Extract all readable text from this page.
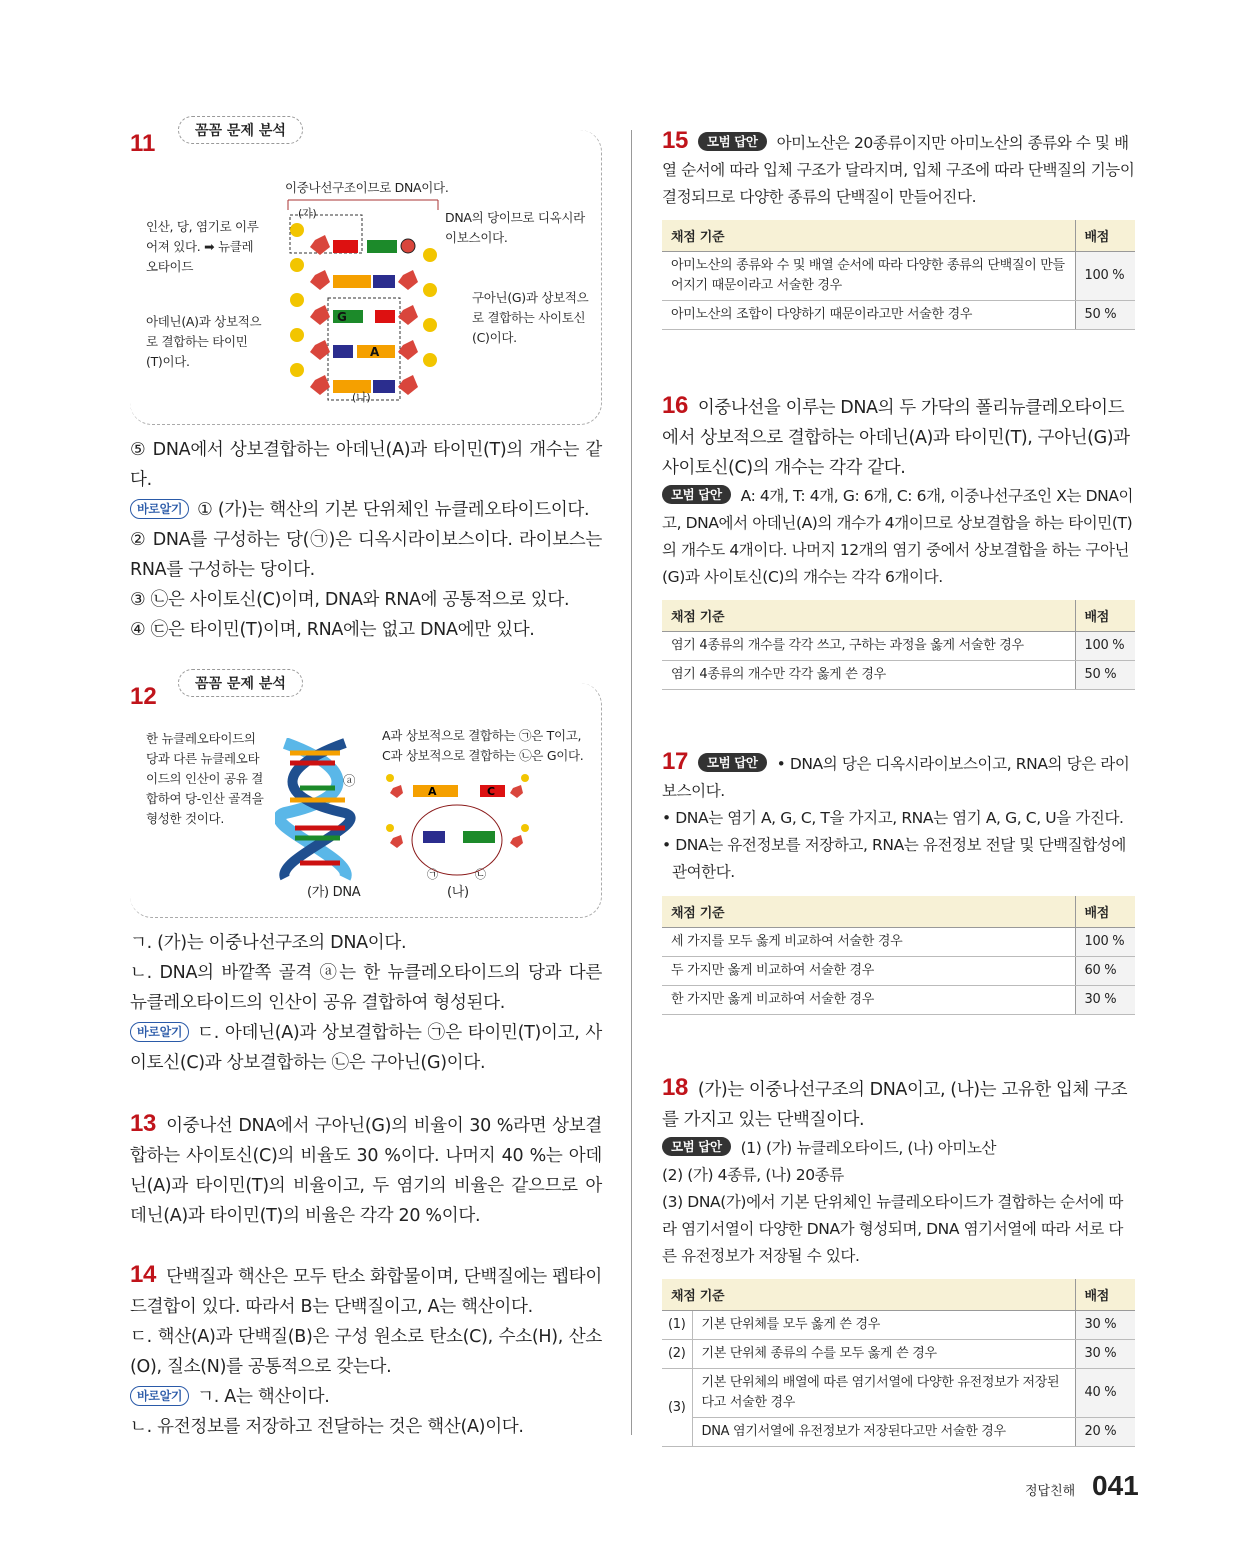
11	꼼꼼 문제 분석
이중나선구조이므로 DNA이다.
인산, 당, 염기로 이루어져 있다. ➡ 뉴클레오타이드
아데닌(A)과 상보적으로 결합하는 타이민(T)이다.
DNA의 당이므로 디옥시라이보스이다.
구아닌(G)과 상보적으로 결합하는 사이토신(C)이다.
G
A
(가)
(나)
⑤ DNA에서 상보결합하는 아데닌(A)과 타이민(T)의 개수는 같다.
바로알기 ① (가)는 핵산의 기본 단위체인 뉴클레오타이드이다.
② DNA를 구성하는 당(㉠)은 디옥시라이보스이다. 라이보스는 RNA를 구성하는 당이다.
③ ㉡은 사이토신(C)이며, DNA와 RNA에 공통적으로 있다.
④ ㉢은 타이민(T)이며, RNA에는 없고 DNA에만 있다.
12	꼼꼼 문제 분석
한 뉴클레오타이드의 당과 다른 뉴클레오타이드의 인산이 공유 결합하여 당-인산 골격을 형성한 것이다.
A과 상보적으로 결합하는 ㉠은 T이고, C과 상보적으로 결합하는 ㉡은 G이다.
ⓐ
(가) DNA
A	C
㉠	㉡
(나)
ㄱ. (가)는 이중나선구조의 DNA이다.
ㄴ. DNA의 바깥쪽 골격 ⓐ는 한 뉴클레오타이드의 당과 다른 뉴클레오타이드의 인산이 공유 결합하여 형성된다.
바로알기 ㄷ. 아데닌(A)과 상보결합하는 ㉠은 타이민(T)이고, 사이토신(C)과 상보결합하는 ㉡은 구아닌(G)이다.
13 이중나선 DNA에서 구아닌(G)의 비율이 30 %라면 상보결합하는 사이토신(C)의 비율도 30 %이다. 나머지 40 %는 아데닌(A)과 타이민(T)의 비율이고, 두 염기의 비율은 같으므로 아데닌(A)과 타이민(T)의 비율은 각각 20 %이다.
14 단백질과 핵산은 모두 탄소 화합물이며, 단백질에는 펩타이드결합이 있다. 따라서 B는 단백질이고, A는 핵산이다.
ㄷ. 핵산(A)과 단백질(B)은 구성 원소로 탄소(C), 수소(H), 산소(O), 질소(N)를 공통적으로 갖는다.
바로알기 ㄱ. A는 핵산이다.
ㄴ. 유전정보를 저장하고 전달하는 것은 핵산(A)이다.
15 모범 답안 아미노산은 20종류이지만 아미노산의 종류와 수 및 배열 순서에 따라 입체 구조가 달라지며, 입체 구조에 따라 단백질의 기능이 결정되므로 다양한 종류의 단백질이 만들어진다.
채점 기준	배점
아미노산의 종류와 수 및 배열 순서에 따라 다양한 종류의 단백질이 만들어지기 때문이라고 서술한 경우	100 %
아미노산의 조합이 다양하기 때문이라고만 서술한 경우	50 %
16 이중나선을 이루는 DNA의 두 가닥의 폴리뉴클레오타이드에서 상보적으로 결합하는 아데닌(A)과 타이민(T), 구아닌(G)과 사이토신(C)의 개수는 각각 같다.
모범 답안 A: 4개, T: 4개, G: 6개, C: 6개, 이중나선구조인 X는 DNA이고, DNA에서 아데닌(A)의 개수가 4개이므로 상보결합을 하는 타이민(T)의 개수도 4개이다. 나머지 12개의 염기 중에서 상보결합을 하는 구아닌(G)과 사이토신(C)의 개수는 각각 6개이다.
채점 기준	배점
염기 4종류의 개수를 각각 쓰고, 구하는 과정을 옳게 서술한 경우	100 %
염기 4종류의 개수만 각각 옳게 쓴 경우	50 %
17 모범 답안 • DNA의 당은 디옥시라이보스이고, RNA의 당은 라이보스이다.
• DNA는 염기 A, G, C, T을 가지고, RNA는 염기 A, G, C, U을 가진다.
• DNA는 유전정보를 저장하고, RNA는 유전정보 전달 및 단백질합성에 관여한다.
채점 기준	배점
세 가지를 모두 옳게 비교하여 서술한 경우	100 %
두 가지만 옳게 비교하여 서술한 경우	60 %
한 가지만 옳게 비교하여 서술한 경우	30 %
18 (가)는 이중나선구조의 DNA이고, (나)는 고유한 입체 구조를 가지고 있는 단백질이다.
모범 답안 (1) (가) 뉴클레오타이드, (나) 아미노산
(2) (가) 4종류, (나) 20종류
(3) DNA(가)에서 기본 단위체인 뉴클레오타이드가 결합하는 순서에 따라 염기서열이 다양한 DNA가 형성되며, DNA 염기서열에 따라 서로 다른 유전정보가 저장될 수 있다.
채점 기준		배점
(1)	기본 단위체를 모두 옳게 쓴 경우	30 %
(2)	기본 단위체 종류의 수를 모두 옳게 쓴 경우	30 %
(3)	기본 단위체의 배열에 따른 염기서열에 다양한 유전정보가 저장된다고 서술한 경우	40 %
	DNA 염기서열에 유전정보가 저장된다고만 서술한 경우	20 %
정답친해 041
